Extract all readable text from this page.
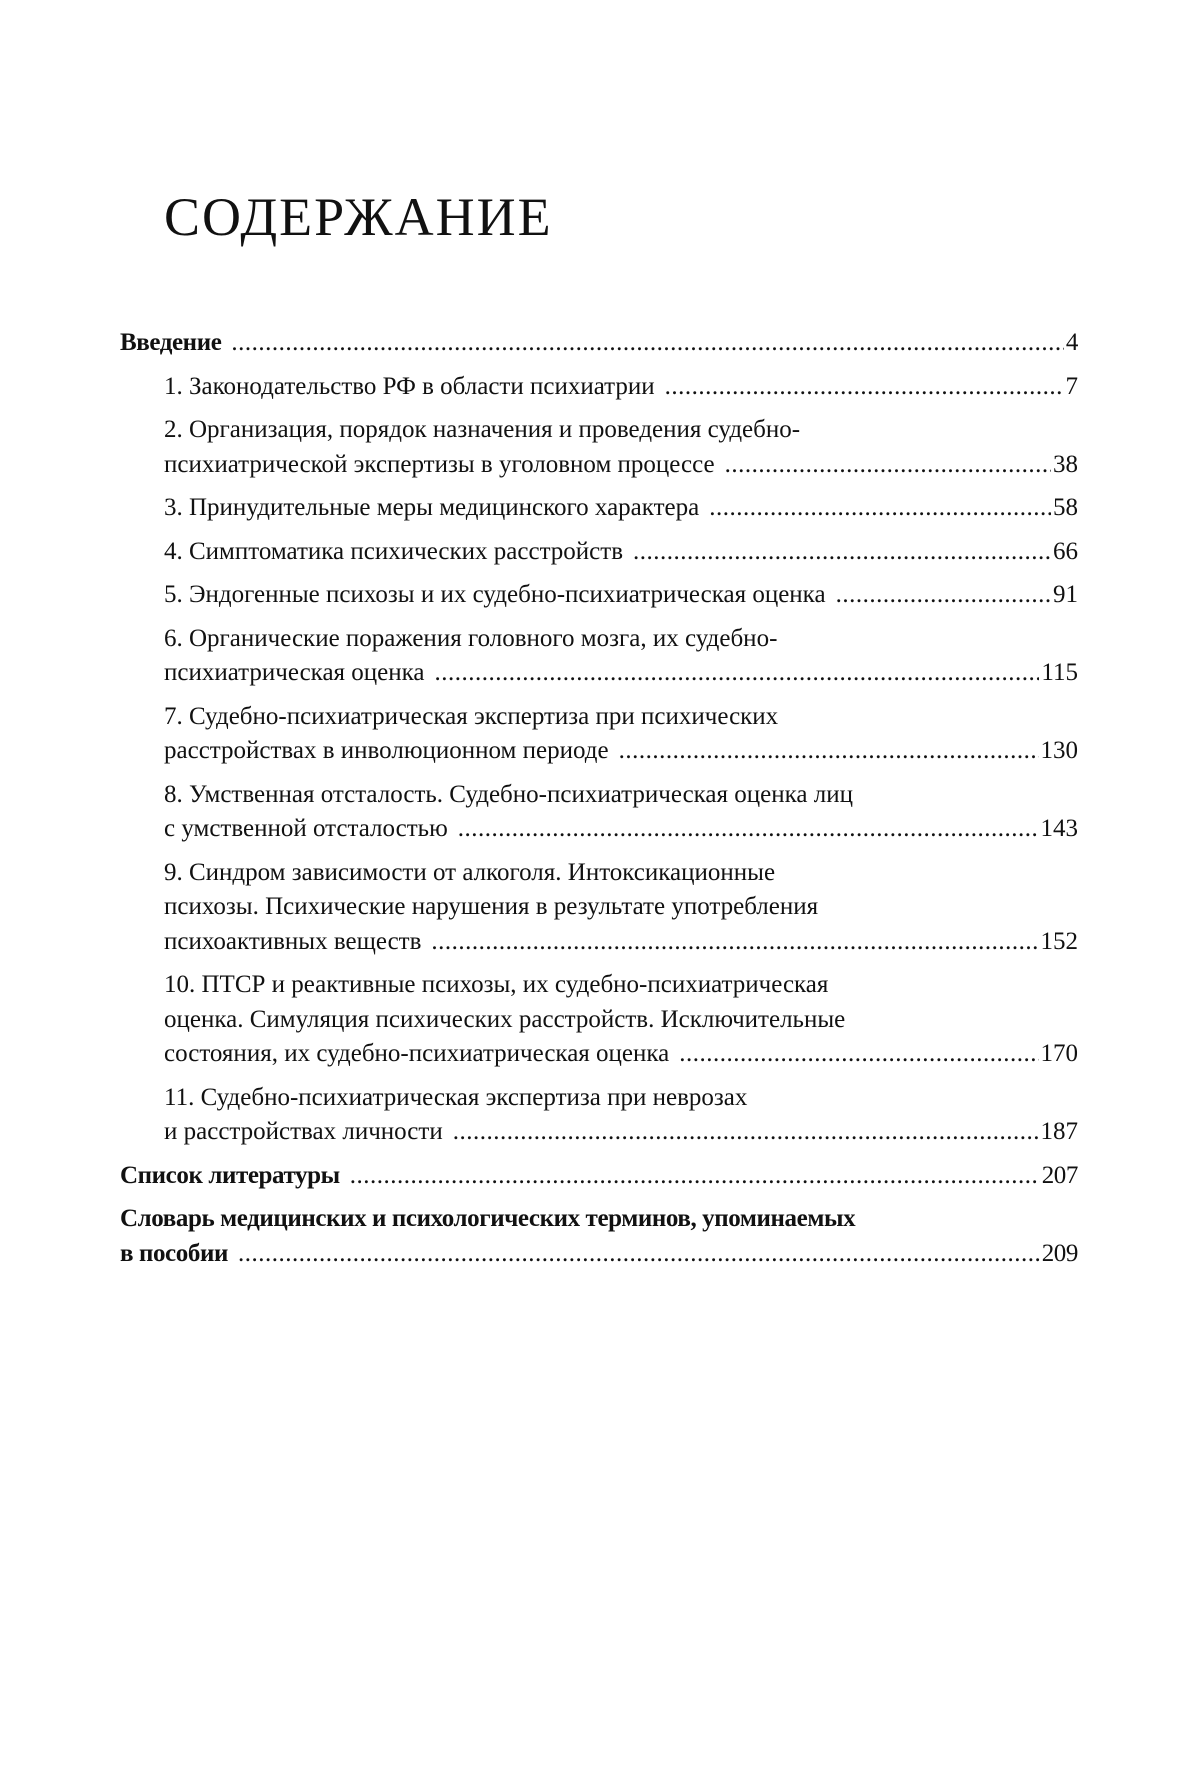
СОДЕРЖАНИЕ
Введение .....	4
1. Законодательство РФ в области психиатрии .....	7
2. Организация, порядок назначения и проведения судебно-
психиатрической экспертизы в уголовном процессе .....	38
3. Принудительные меры медицинского характера .....	58
4. Симптоматика психических расстройств .....	66
5. Эндогенные психозы и их судебно-психиатрическая оценка .....	91
6. Органические поражения головного мозга, их судебно-
психиатрическая оценка .....	115
7. Судебно-психиатрическая экспертиза при психических
расстройствах в инволюционном периоде .....	130
8. Умственная отсталость. Судебно-психиатрическая оценка лиц
с умственной отсталостью .....	143
9. Синдром зависимости от алкоголя. Интоксикационные
психозы. Психические нарушения в результате употребления
психоактивных веществ .....	152
10. ПТСР и реактивные психозы, их судебно-психиатрическая
оценка. Симуляция психических расстройств. Исключительные
состояния, их судебно-психиатрическая оценка .....	170
11. Судебно-психиатрическая экспертиза при неврозах
и расстройствах личности .....	187
Список литературы .....	207
Словарь медицинских и психологических терминов, упоминаемых
в пособии .....	209
